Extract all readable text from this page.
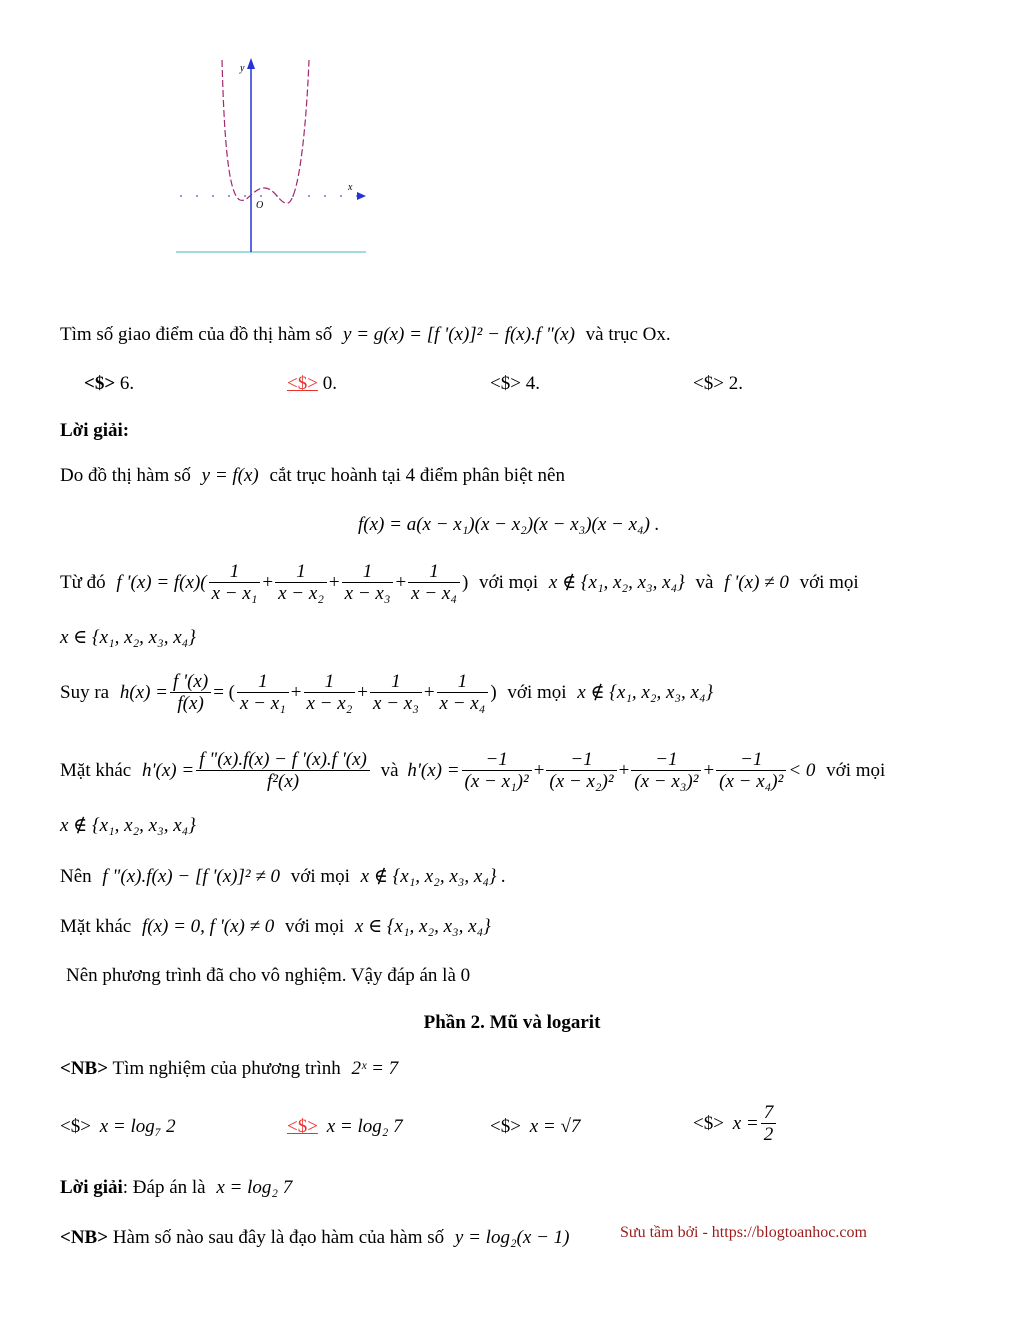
y
x
O
Tìm số giao điểm của đồ thị hàm số y = g(x) = [f '(x)]² − f(x).f "(x) và trục Ox.
<$> 6.	<$> 0.	<$> 4.	<$> 2.
Lời giải:
Do đồ thị hàm số y = f(x) cắt trục hoành tại 4 điểm phân biệt nên
f(x) = a(x − x₁)(x − x₂)(x − x₃)(x − x₄) .
Từ đó f '$(x) = f(x)( \frac{1}{\text{x − x₁}} + \frac{1}{\text{x − x₂}} + \frac{1}{\text{x − x₃}} + \frac{1}{\text{x − x₄}}$ ) với mọi x ∉ {x₁, x₂, x₃, x₄} và f '(x) ≠ 0 với mọi
x ∈ {x₁, x₂, x₃, x₄}
Suy ra $h(x) = \frac{f '(x)}{f(x)}$ = ( $\frac{1}{\text{x − x₁}} + \frac{1}{\text{x − x₂}} + \frac{1}{\text{x − x₃}} + \frac{1}{\text{x − x₄}}$ ) với mọi x ∉ {x₁, x₂, x₃, x₄}
Mặt khác $h'(x) = \frac{f "(x).f(x) - f '(x).f '(x)}{\text{f²(x)}}$ và $h'(x) = \frac{-1}{\text{(x − x₁)²}} + \frac{-1}{\text{(x − x₂)²}} + \frac{-1}{\text{(x − x₃)²}} + \frac{-1}{\text{(x − x₄)²}} < 0$ với mọi
x ∉ {x₁, x₂, x₃, x₄}
Nên f "(x).f(x) − [f '(x)]² ≠ 0 với mọi x ∉ {x₁, x₂, x₃, x₄} .
Mặt khác f(x) = 0, f '(x) ≠ 0 với mọi x ∈ {x₁, x₂, x₃, x₄}
Nên phương trình đã cho vô nghiệm. Vậy đáp án là 0
Phần 2. Mũ và logarit
<NB> Tìm nghiệm của phương trình 2ˣ = 7
<$> x = log₇ 2	<$> x = log₂ 7	<$> x = √7	<$> $x = \frac{7}{2}$
Lời giải: Đáp án là x = log₂ 7
<NB> Hàm số nào sau đây là đạo hàm của hàm số y = log₂(x − 1)	Sưu tầm bởi - https://blogtoanhoc.com
